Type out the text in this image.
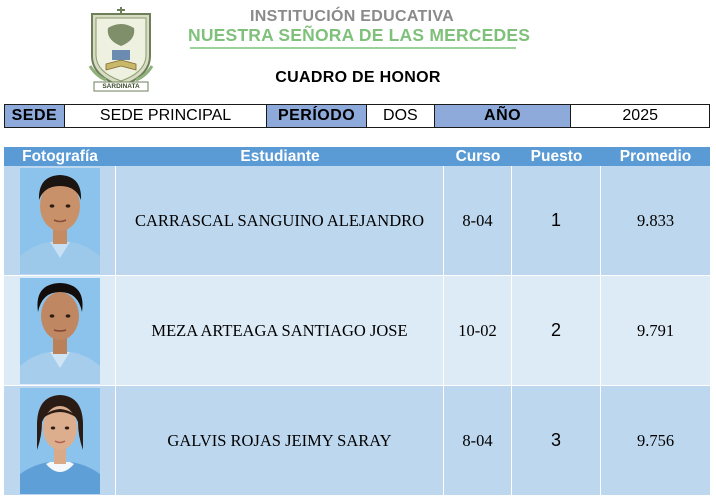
SARDINATA
INSTITUCIÓN EDUCATIVA
NUESTRA SEÑORA DE LAS MERCEDES
CUADRO DE HONOR
SEDE	SEDE PRINCIPAL	PERÍODO	DOS	AÑO	2025
Fotografía	Estudiante	Curso	Puesto	Promedio
CARRASCAL SANGUINO ALEJANDRO	8-04	1	9.833
MEZA ARTEAGA SANTIAGO JOSE	10-02	2	9.791
GALVIS ROJAS JEIMY SARAY	8-04	3	9.756
